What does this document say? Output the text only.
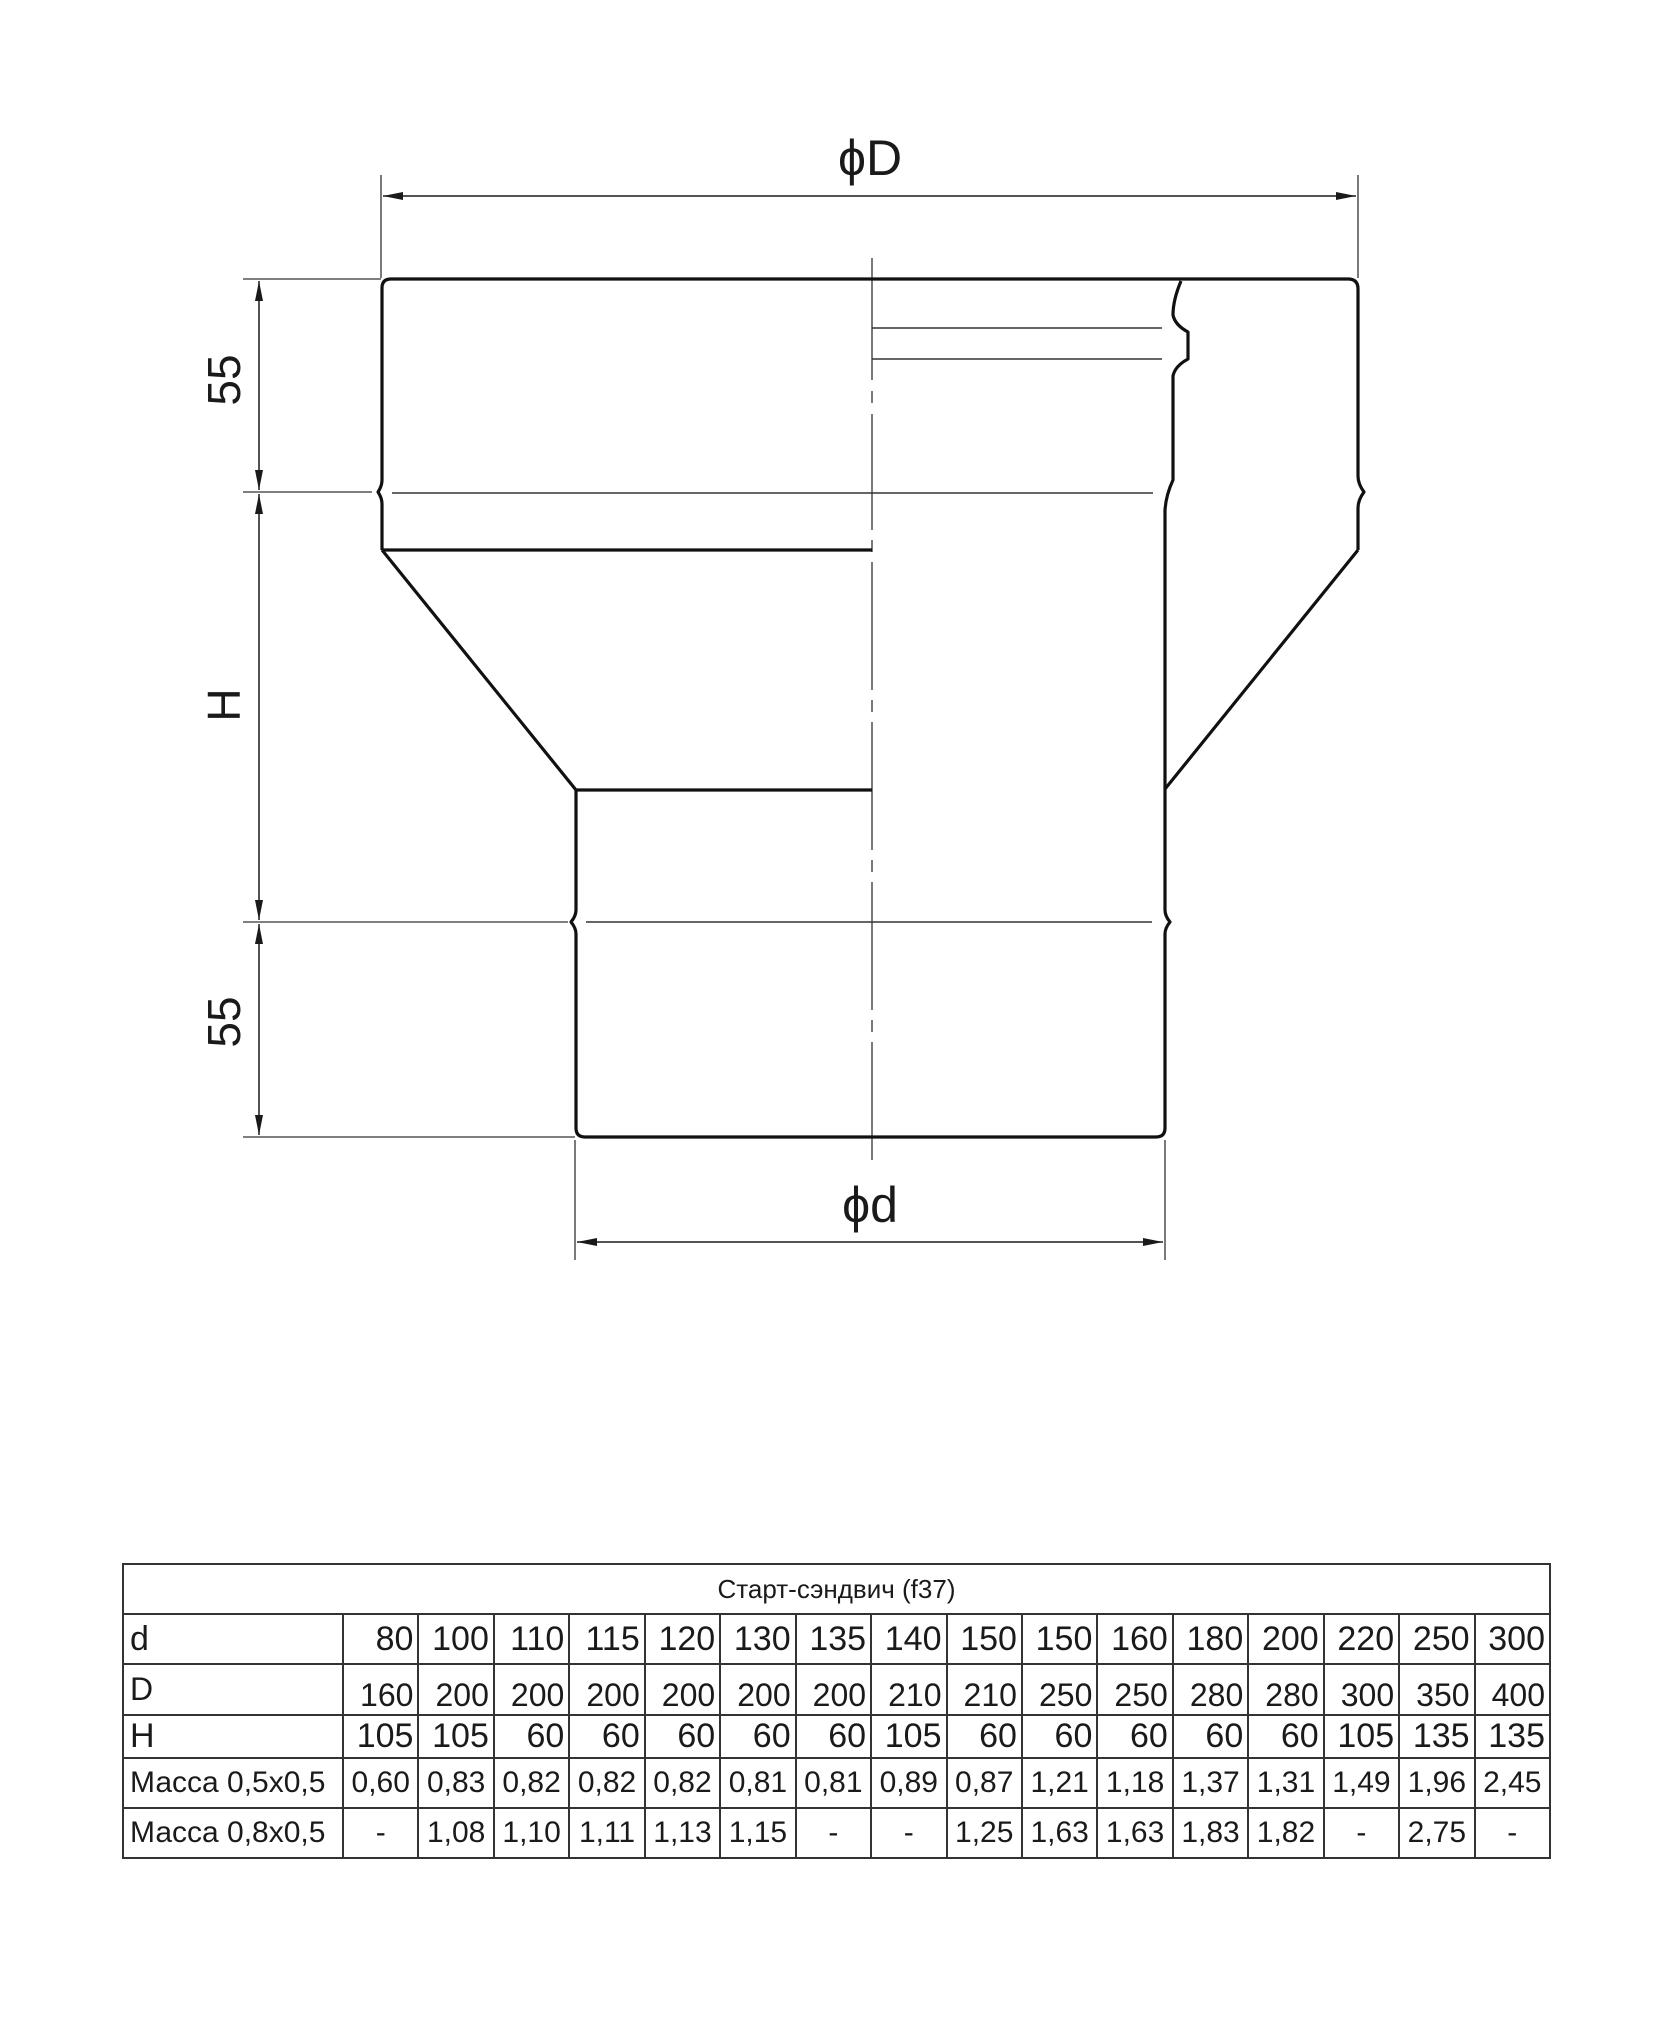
ϕD
ϕd
55
H
55
Старт-сэндвич (f37)																
d	80	100	110	115	120	130	135	140	150	150	160	180	200	220	250	300
D	160	200	200	200	200	200	200	210	210	250	250	280	280	300	350	400
H	105	105	60	60	60	60	60	105	60	60	60	60	60	105	135	135
Масса 0,5х0,5	0,60	0,83	0,82	0,82	0,82	0,81	0,81	0,89	0,87	1,21	1,18	1,37	1,31	1,49	1,96	2,45
Масса 0,8х0,5	-	1,08	1,10	1,11	1,13	1,15	-	-	1,25	1,63	1,63	1,83	1,82	-	2,75	-
